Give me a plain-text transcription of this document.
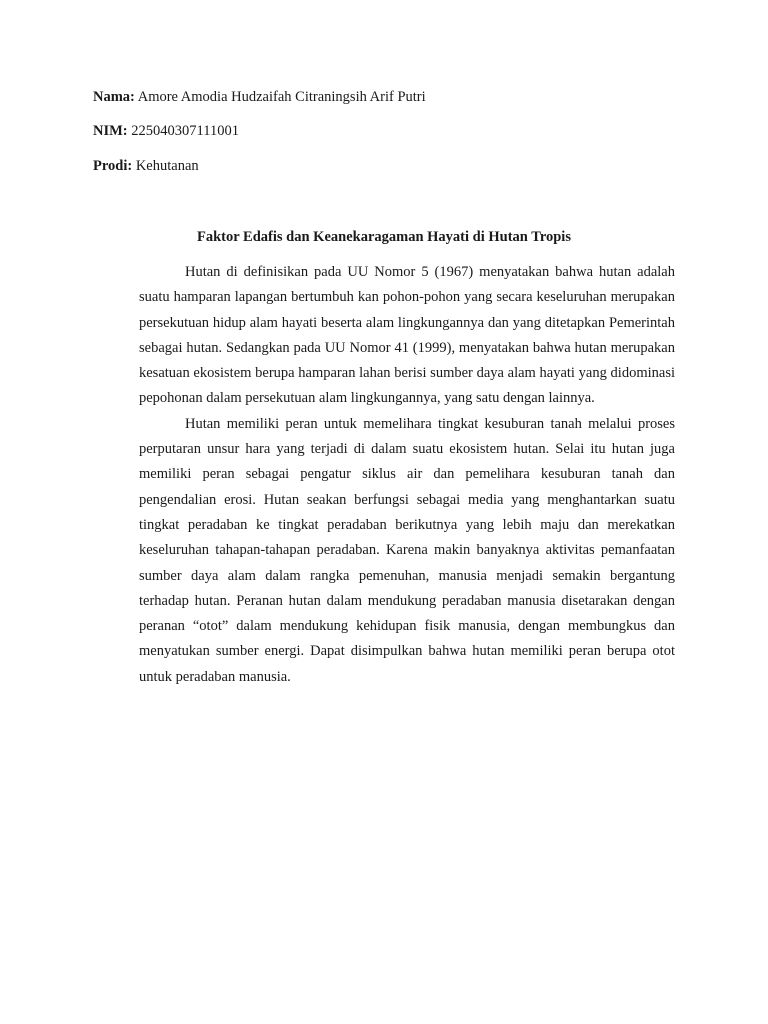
Nama: Amore Amodia Hudzaifah Citraningsih Arif Putri
NIM: 225040307111001
Prodi: Kehutanan
Faktor Edafis dan Keanekaragaman Hayati di Hutan Tropis

Hutan di definisikan pada UU Nomor 5 (1967) menyatakan bahwa hutan adalah suatu hamparan lapangan bertumbuh kan pohon-pohon yang secara keseluruhan merupakan persekutuan hidup alam hayati beserta alam lingkungannya dan yang ditetapkan Pemerintah sebagai hutan. Sedangkan pada UU Nomor 41 (1999), menyatakan bahwa hutan merupakan kesatuan ekosistem berupa hamparan lahan berisi sumber daya alam hayati yang didominasi pepohonan dalam persekutuan alam lingkungannya, yang satu dengan lainnya.

Hutan memiliki peran untuk memelihara tingkat kesuburan tanah melalui proses perputaran unsur hara yang terjadi di dalam suatu ekosistem hutan. Selai itu hutan juga memiliki peran sebagai pengatur siklus air dan pemelihara kesuburan tanah dan pengendalian erosi. Hutan seakan berfungsi sebagai media yang menghantarkan suatu tingkat peradaban ke tingkat peradaban berikutnya yang lebih maju dan merekatkan keseluruhan tahapan-tahapan peradaban. Karena makin banyaknya aktivitas pemanfaatan sumber daya alam dalam rangka pemenuhan, manusia menjadi semakin bergantung terhadap hutan. Peranan hutan dalam mendukung peradaban manusia disetarakan dengan peranan “otot” dalam mendukung kehidupan fisik manusia, dengan membungkus dan menyatukan sumber energi. Dapat disimpulkan bahwa hutan memiliki peran berupa otot untuk peradaban manusia.
